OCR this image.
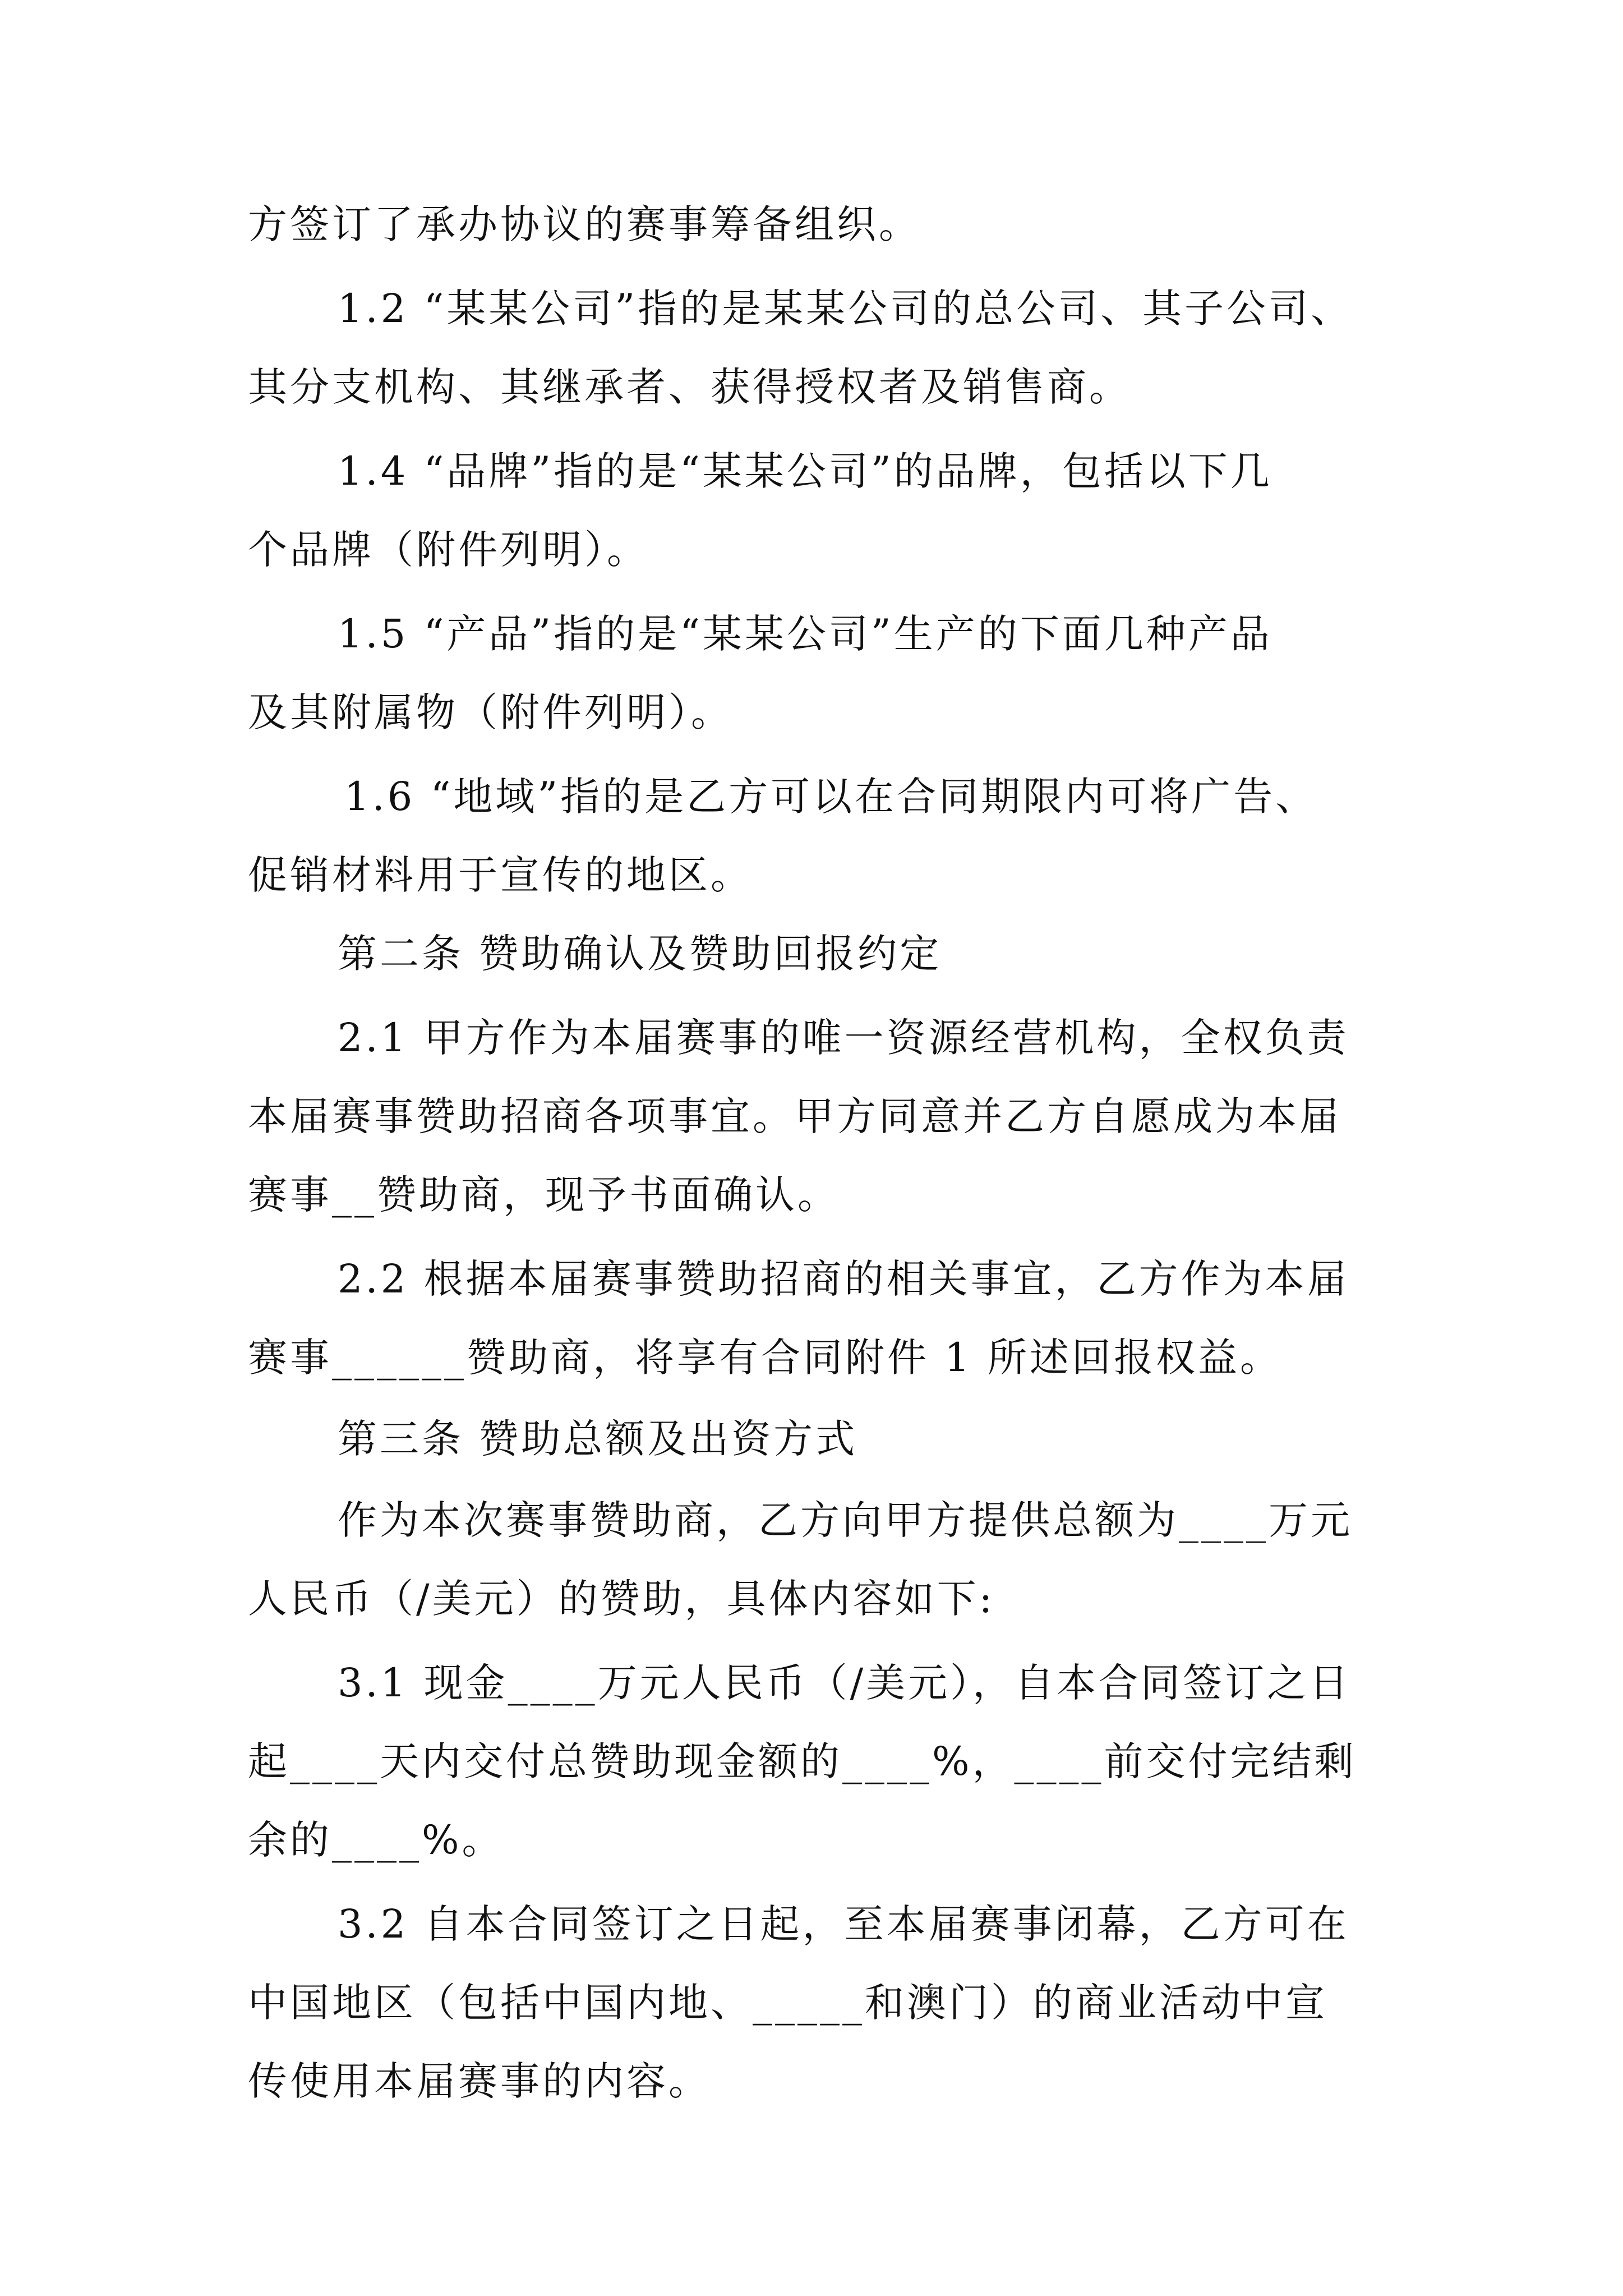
方签订了承办协议的赛事筹备组织。
1.2 “某某公司”指的是某某公司的总公司、其子公司、
其分支机构、其继承者、获得授权者及销售商。
1.4 “品牌”指的是“某某公司”的品牌，包括以下几
个品牌（附件列明）。
1.5 “产品”指的是“某某公司”生产的下面几种产品
及其附属物（附件列明）。
1.6 “地域”指的是乙方可以在合同期限内可将广告、
促销材料用于宣传的地区。
第二条 赞助确认及赞助回报约定
2.1 甲方作为本届赛事的唯一资源经营机构，全权负责
本届赛事赞助招商各项事宜。甲方同意并乙方自愿成为本届
赛事__赞助商，现予书面确认。
2.2 根据本届赛事赞助招商的相关事宜，乙方作为本届
赛事______赞助商，将享有合同附件 1 所述回报权益。
第三条 赞助总额及出资方式
作为本次赛事赞助商，乙方向甲方提供总额为____万元
人民币（/美元）的赞助，具体内容如下:
3.1 现金____万元人民币（/美元），自本合同签订之日
起____天内交付总赞助现金额的____%，____前交付完结剩
余的____%。
3.2 自本合同签订之日起，至本届赛事闭幕，乙方可在
中国地区（包括中国内地、_____和澳门）的商业活动中宣
传使用本届赛事的内容。
